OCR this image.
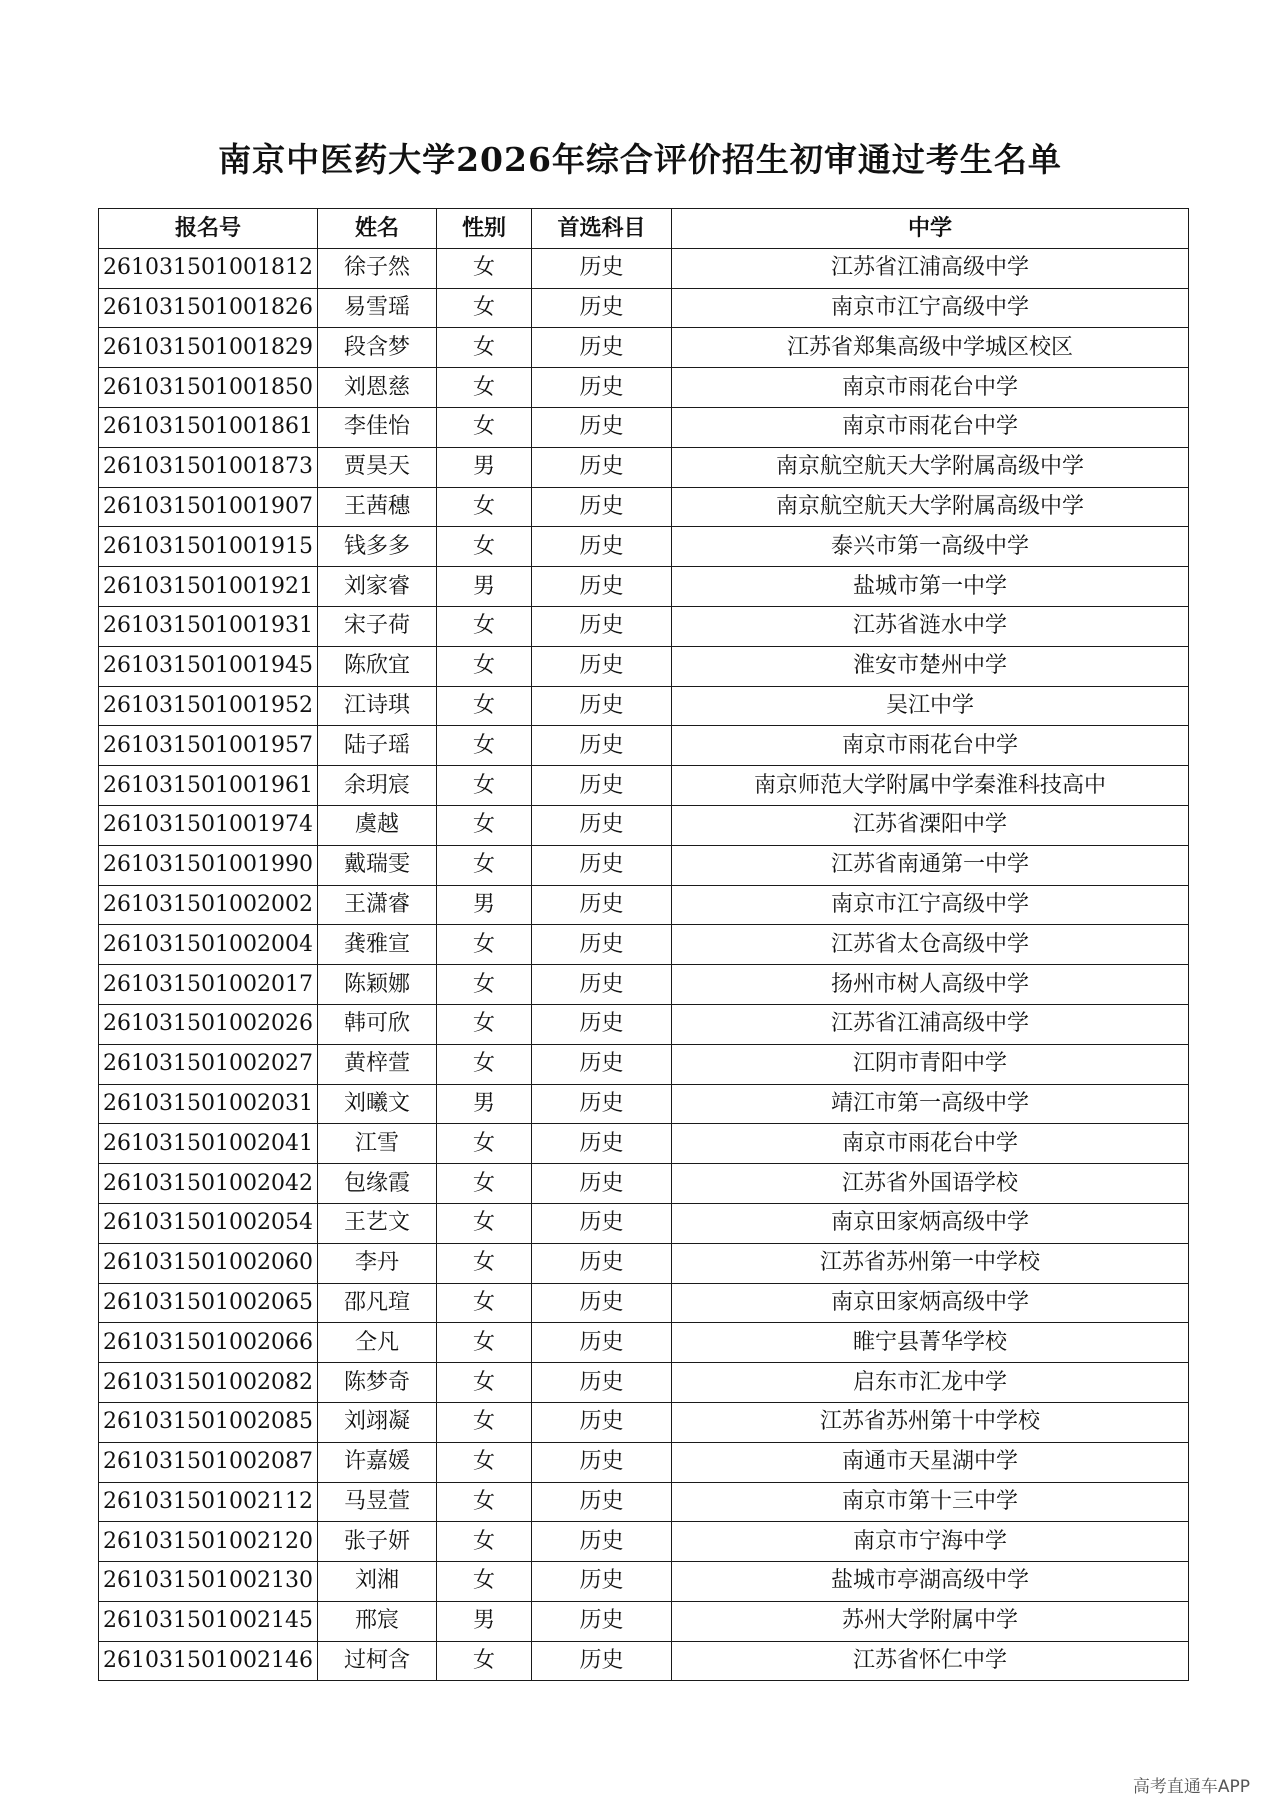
南京中医药大学2026年综合评价招生初审通过考生名单
报名号	姓名	性别	首选科目	中学
261031501001812	徐子然	女	历史	江苏省江浦高级中学
261031501001826	易雪瑶	女	历史	南京市江宁高级中学
261031501001829	段含梦	女	历史	江苏省郑集高级中学城区校区
261031501001850	刘恩慈	女	历史	南京市雨花台中学
261031501001861	李佳怡	女	历史	南京市雨花台中学
261031501001873	贾昊天	男	历史	南京航空航天大学附属高级中学
261031501001907	王茜穗	女	历史	南京航空航天大学附属高级中学
261031501001915	钱多多	女	历史	泰兴市第一高级中学
261031501001921	刘家睿	男	历史	盐城市第一中学
261031501001931	宋子荷	女	历史	江苏省涟水中学
261031501001945	陈欣宜	女	历史	淮安市楚州中学
261031501001952	江诗琪	女	历史	吴江中学
261031501001957	陆子瑶	女	历史	南京市雨花台中学
261031501001961	余玥宸	女	历史	南京师范大学附属中学秦淮科技高中
261031501001974	虞越	女	历史	江苏省溧阳中学
261031501001990	戴瑞雯	女	历史	江苏省南通第一中学
261031501002002	王潇睿	男	历史	南京市江宁高级中学
261031501002004	龚雅宣	女	历史	江苏省太仓高级中学
261031501002017	陈颖娜	女	历史	扬州市树人高级中学
261031501002026	韩可欣	女	历史	江苏省江浦高级中学
261031501002027	黄梓萱	女	历史	江阴市青阳中学
261031501002031	刘曦文	男	历史	靖江市第一高级中学
261031501002041	江雪	女	历史	南京市雨花台中学
261031501002042	包缘霞	女	历史	江苏省外国语学校
261031501002054	王艺文	女	历史	南京田家炳高级中学
261031501002060	李丹	女	历史	江苏省苏州第一中学校
261031501002065	邵凡瑄	女	历史	南京田家炳高级中学
261031501002066	仝凡	女	历史	睢宁县菁华学校
261031501002082	陈梦奇	女	历史	启东市汇龙中学
261031501002085	刘翊凝	女	历史	江苏省苏州第十中学校
261031501002087	许嘉媛	女	历史	南通市天星湖中学
261031501002112	马昱萱	女	历史	南京市第十三中学
261031501002120	张子妍	女	历史	南京市宁海中学
261031501002130	刘湘	女	历史	盐城市亭湖高级中学
261031501002145	邢宸	男	历史	苏州大学附属中学
261031501002146	过柯含	女	历史	江苏省怀仁中学
高考直通车APP
